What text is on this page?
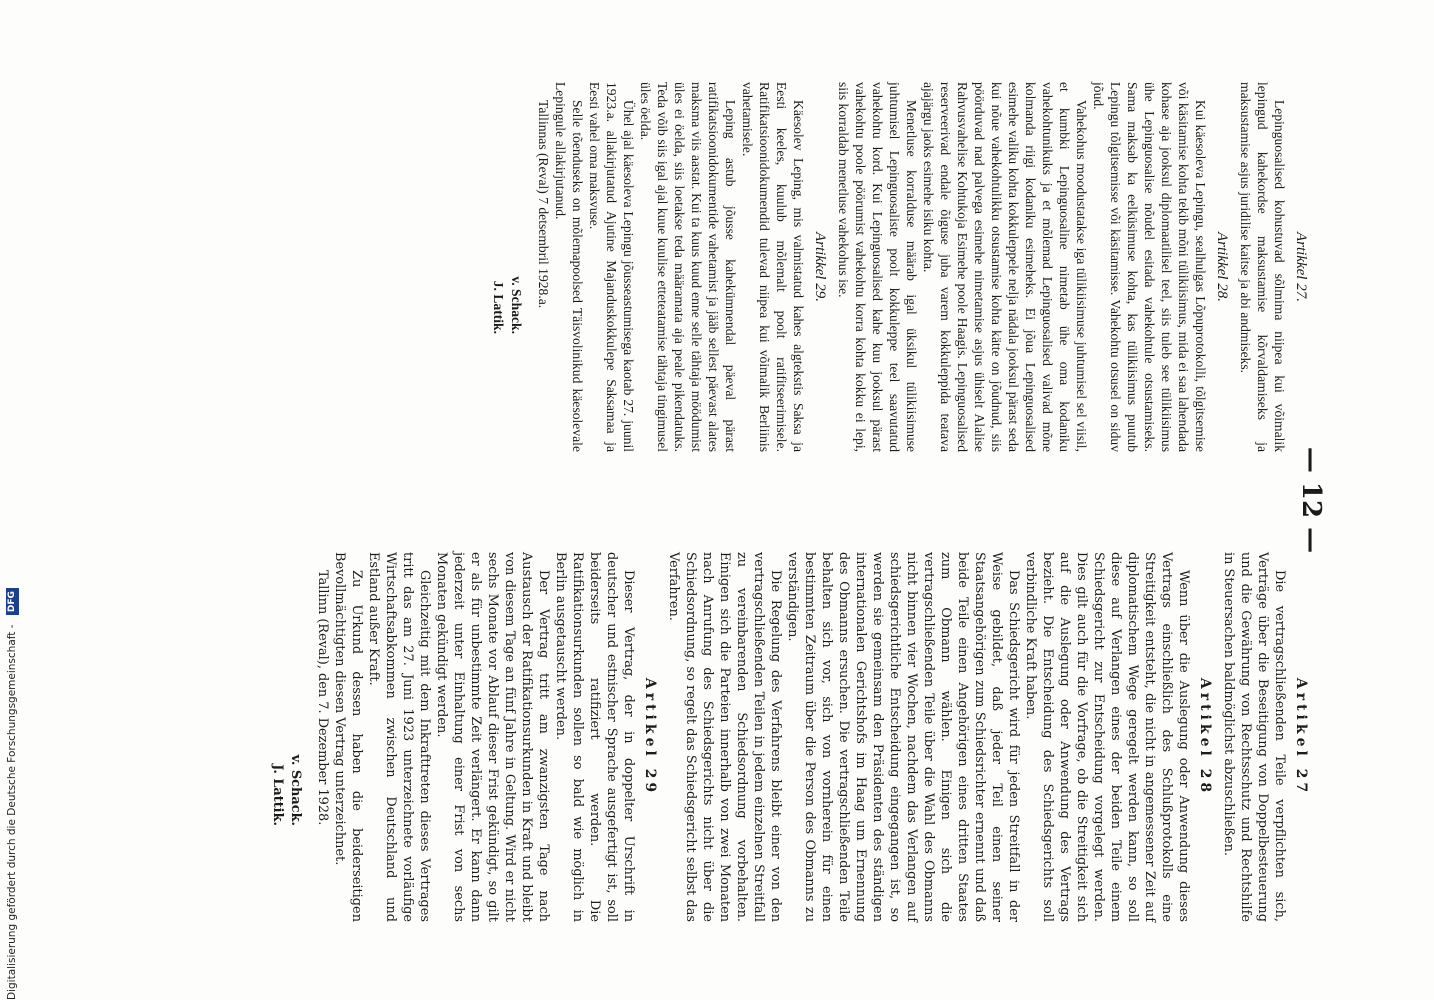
— 12 —
Artikkel 27.

Lepinguosalised kohustuvad sõlmima niipea kui võimalik lepingud kahekordse maksustamise kõrvaldamiseks ja maksustamise asjus juridilise kaitse ja abi andmiseks.

Artikkel 28.

Kui käesoleva Lepingu, sealhulgas Lõpuprotokolli, tõlgitsemise või käsitamise kohta tekib mõni tülikiisimus, mida ei saa lahendada kohase aja jooksul diplomaatilisel teel, siis tuleb see tülikiisimus ühe Lepinguosalise nõudel esitada vahekohtule otsustamiseks. Sama maksab ka eelküsimuse kohta, kas tülikiisimus puutub Lepingu tõlgitsemisse või käsitamisse. Vahekohtu otsusel on siduv jõud.

Vahekohus moodustatakse iga tülikiisimuse juhtumisel sel viisil, et kumbki Lepinguosaline nimetab ühe oma kodaniku vahekohtunikuks ja et mõlemad Lepinguosalised valivad mõne kolmanda riigi kodaniku esimeheks. Ei jõua Lepinguosalised esimehe valiku kohta kokkuleppele nelja nädala jooksul pärast seda kui nõue vahekohtulikku otsustamise kohta kätte on jõudnud, siis pöörduvad nad palvega esimehe nimetamise asjus ühiselt Alalise Rahvusvahelise Kohtukoja Esimehe poole Haagis. Lepinguosalised reserveerivad endale õiguse juba varem kokkuleppida teatava ajajärgu jaoks esimehe isiku kohta.

Menetluse korralduse määrab igal üksikul tülikiisimuse juhtumisel Lepinguosaliste poolt kokkuleppe teel saavutatud vahekohtu kord. Kui Lepinguosalised kahe kuu jooksul pärast vahekohtu poole pöörumist vahekohtu korra kohta kokku ei lepi, siis korraldab menetluse vahekohus ise.

Artikkel 29.

Käesolev Leping, mis valmistatud kahes algtekstis Saksa ja Eesti keeles, kuulub mõlemalt poolt ratifitseerimisele. Ratifikatsioonidokumendid tulevad niipea kui võimalik Berliinis vahetamisele.

Leping astub jõusse kahekümnendal päeval pärast ratifikatsioonidokumentide vahetamist ja jääb sellest päevast alates maksma viis aastat. Kui ta kuus kuud enne selle tähtaja möödumist üles ei öelda, siis loetakse teda määramata aja peale pikendatuks. Teda võib siis igal ajal kuue kuulise etteteatamise tähtaja tingimusel üles öelda.

Ühel ajal käesoleva Lepingu jõusseastumisega kaotab 27. juunil 1923.a. allakirjutatud Ajutine Majanduskokkulepe Saksamaa ja Eesti vahel oma maksvuse.

Selle tõenduseks on mõlemapoolsed Täisvolinikud käesolevale Lepingule allakirjutanud.

Tallinnas (Reval) 7 detsembril 1928.a.

v. Schack.
J. Lattik.
Artikel 27

Die vertragschließenden Teile verpflichten sich, Verträge über die Beseitigung von Doppelbesteuerung und die Gewährung von Rechtsschutz und Rechtshilfe in Steuersachen baldmöglichst abzuschließen.

Artikel 28

Wenn über die Auslegung oder Anwendung dieses Vertrags einschließlich des Schlußprotokolls eine Streitigkeit entsteht, die nicht in angemessener Zeit auf diplomatischem Wege geregelt werden kann, so soll diese auf Verlangen eines der beiden Teile einem Schiedsgericht zur Entscheidung vorgelegt werden. Dies gilt auch für die Vorfrage, ob die Streitigkeit sich auf die Auslegung oder Anwendung des Vertrags bezieht. Die Entscheidung des Schiedsgerichts soll verbindliche Kraft haben.

Das Schiedsgericht wird für jeden Streitfall in der Weise gebildet, daß jeder Teil einen seiner Staatsangehörigen zum Schiedsrichter ernennt und daß beide Teile einen Angehörigen eines dritten Staates zum Obmann wählen. Einigen sich die vertragschließenden Teile über die Wahl des Obmanns nicht binnen vier Wochen, nachdem das Verlangen auf schiedsgerichtliche Entscheidung eingegangen ist, so werden sie gemeinsam den Präsidenten des ständigen internationalen Gerichtshofs im Haag um Ernennung des Obmanns ersuchen. Die vertragschließenden Teile behalten sich vor, sich von vornherein für einen bestimmten Zeitraum über die Person des Obmanns zu verständigen.

Die Regelung des Verfahrens bleibt einer von den vertragschließenden Teilen in jedem einzelnen Streitfall zu vereinbarenden Schiedsordnung vorbehalten. Einigen sich die Parteien innerhalb von zwei Monaten nach Anrufung des Schiedsgerichts nicht über die Schiedsordnung, so regelt das Schiedsgericht selbst das Verfahren.

Artikel 29

Dieser Vertrag, der in doppelter Urschrift in deutscher und estnischer Sprache ausgefertigt ist, soll beiderseits ratifiziert werden. Die Ratifikationsurkunden sollen so bald wie möglich in Berlin ausgetauscht werden.

Der Vertrag tritt am zwanzigsten Tage nach Austausch der Ratifikationsurkunden in Kraft und bleibt von diesem Tage an fünf Jahre in Geltung. Wird er nicht sechs Monate vor Ablauf dieser Frist gekündigt, so gilt er als für unbestimmte Zeit verlängert. Er kann dann jederzeit unter Einhaltung einer Frist von sechs Monaten gekündigt werden.

Gleichzeitig mit dem Inkrafttreten dieses Vertrages tritt das am 27. Juni 1923 unterzeichnete vorläufige Wirtschaftsabkommen zwischen Deutschland und Estland außer Kraft.

Zu Urkund dessen haben die beiderseitigen Bevollmächtigten diesen Vertrag unterzeichnet.

Tallinn (Reval), den 7. Dezember 1928.

v. Schack.
J. Lattik.
Digitalisierung gefördert durch die Deutsche Forschungsgemeinschaft - DFG
